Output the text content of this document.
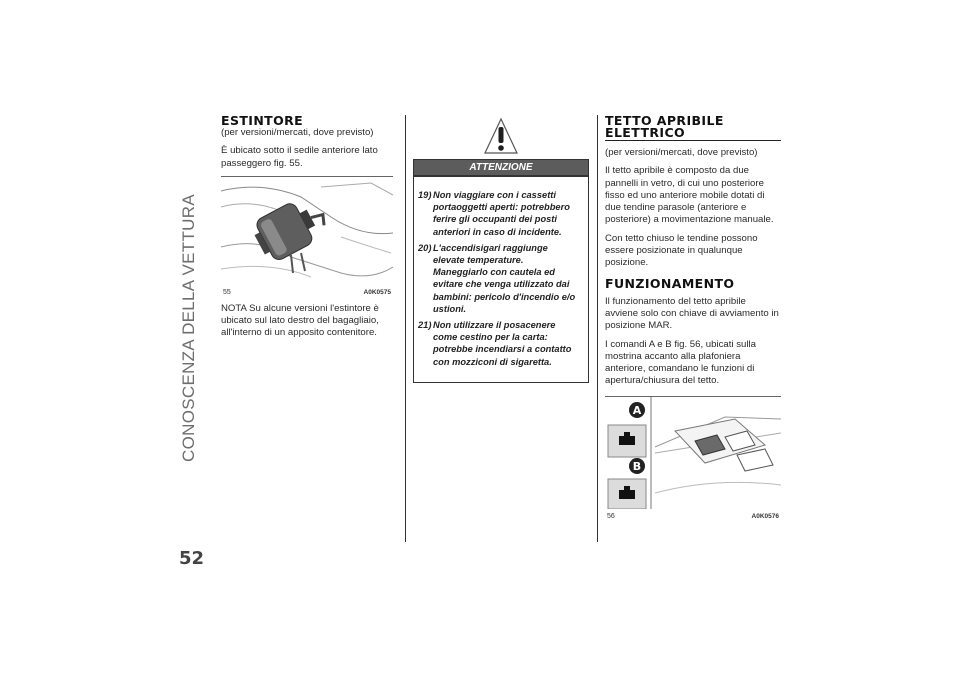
CONOSCENZA DELLA VETTURA
52
ESTINTORE

(per versioni/mercati, dove previsto)

È ubicato sotto il sedile anteriore lato passeggero fig. 55.

55	A0K0575

NOTA Su alcune versioni l'estintore è ubicato sul lato destro del bagagliaio, all'interno di un apposito contenitore.

ATTENZIONE
19) Non viaggiare con i cassetti portaoggetti aperti: potrebbero ferire gli occupanti dei posti anteriori in caso di incidente.
20) L'accendisigari raggiunge elevate temperature. Maneggiarlo con cautela ed evitare che venga utilizzato dai bambini: pericolo d'incendio e/o ustioni.
21) Non utilizzare il posacenere come cestino per la carta: potrebbe incendiarsi a contatto con mozziconi di sigaretta.
TETTO APRIBILE ELETTRICO

(per versioni/mercati, dove previsto)

Il tetto apribile è composto da due pannelli in vetro, di cui uno posteriore fisso ed uno anteriore mobile dotati di due tendine parasole (anteriore e posteriore) a movimentazione manuale.

Con tetto chiuso le tendine possono essere posizionate in qualunque posizione.

FUNZIONAMENTO

Il funzionamento del tetto apribile avviene solo con chiave di avviamento in posizione MAR.

I comandi A e B fig. 56, ubicati sulla mostrina accanto alla plafoniera anteriore, comandano le funzioni di apertura/chiusura del tetto.

A
B
56	A0K0576
